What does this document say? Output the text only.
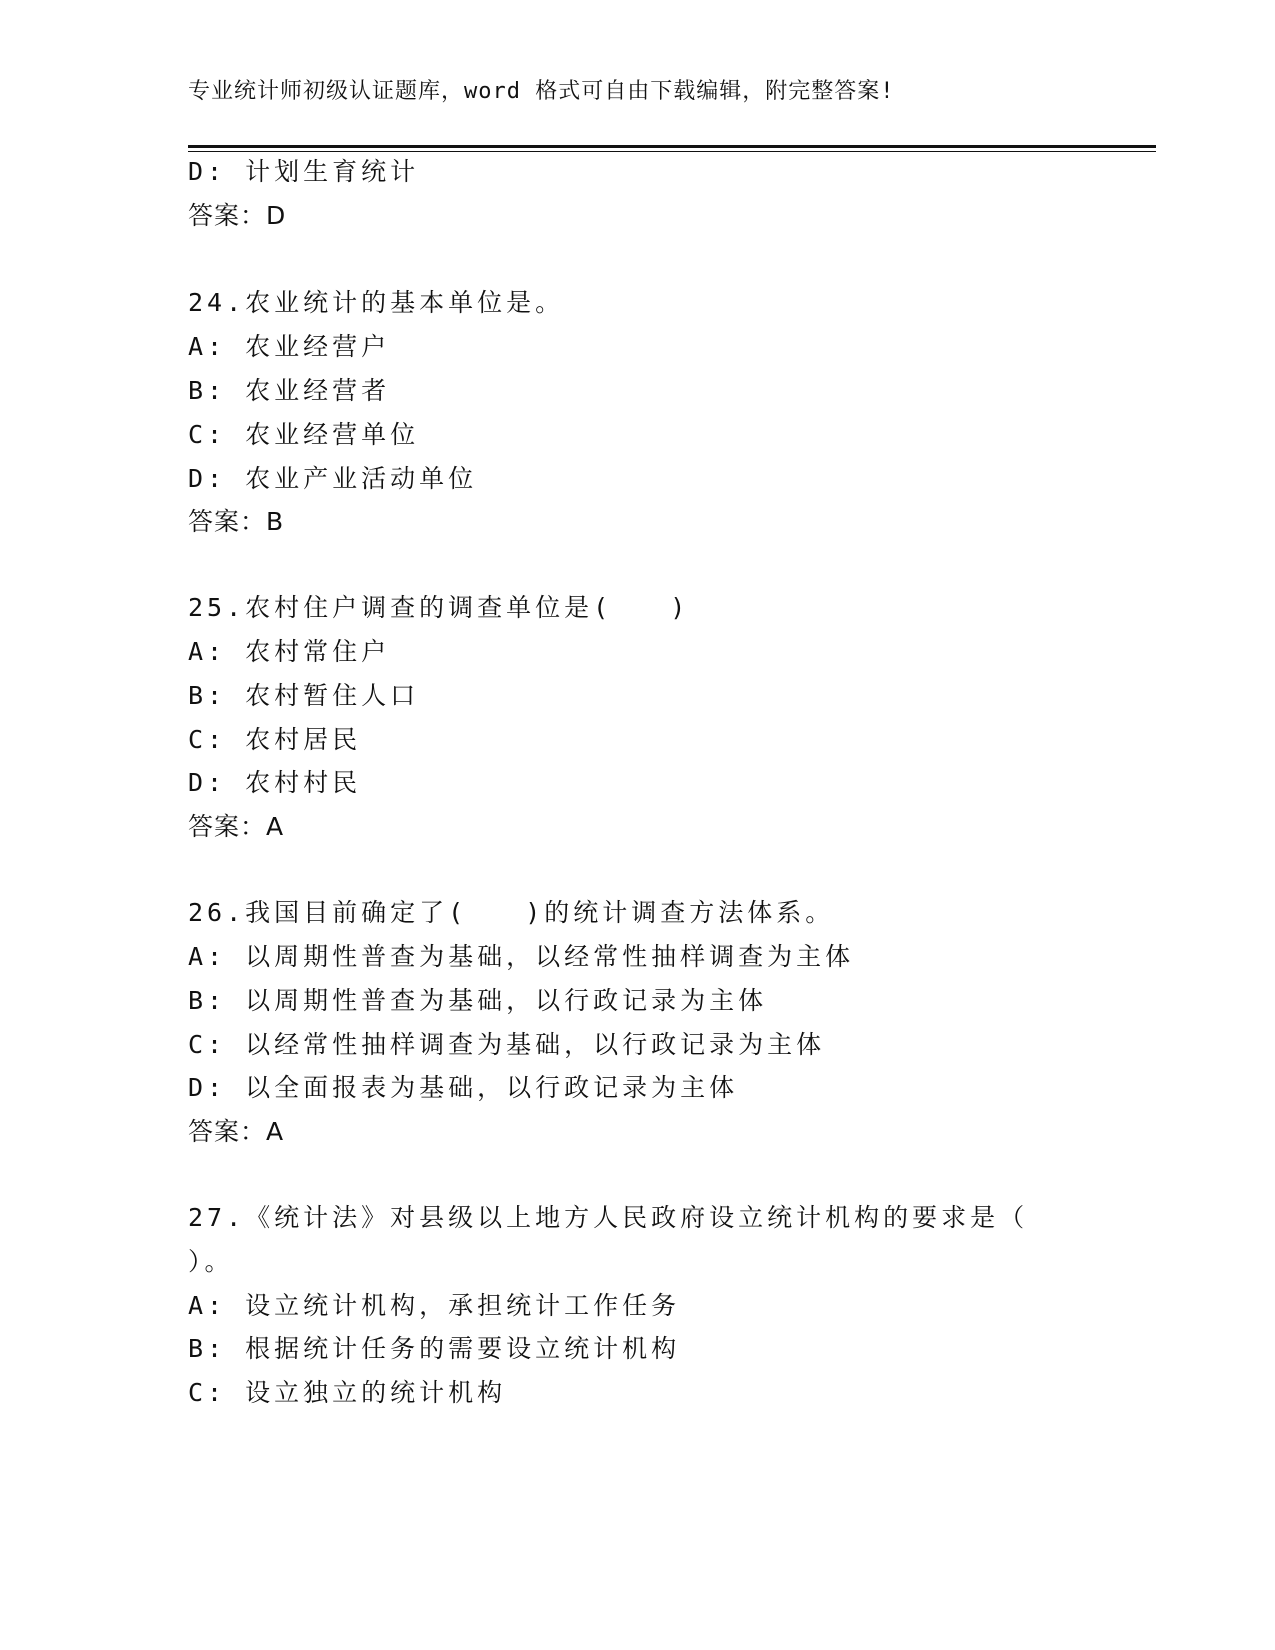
专业统计师初级认证题库，word 格式可自由下载编辑，附完整答案!
D: 计划生育统计
答案：D
24.农业统计的基本单位是。
A: 农业经营户
B: 农业经营者
C: 农业经营单位
D: 农业产业活动单位
答案：B
25.农村住户调查的调查单位是(　　)
A: 农村常住户
B: 农村暂住人口
C: 农村居民
D: 农村村民
答案：A
26.我国目前确定了(　　)的统计调查方法体系。
A: 以周期性普查为基础，以经常性抽样调查为主体
B: 以周期性普查为基础，以行政记录为主体
C: 以经常性抽样调查为基础，以行政记录为主体
D: 以全面报表为基础，以行政记录为主体
答案：A
27.《统计法》对县级以上地方人民政府设立统计机构的要求是（
）。
A: 设立统计机构，承担统计工作任务
B: 根据统计任务的需要设立统计机构
C: 设立独立的统计机构
